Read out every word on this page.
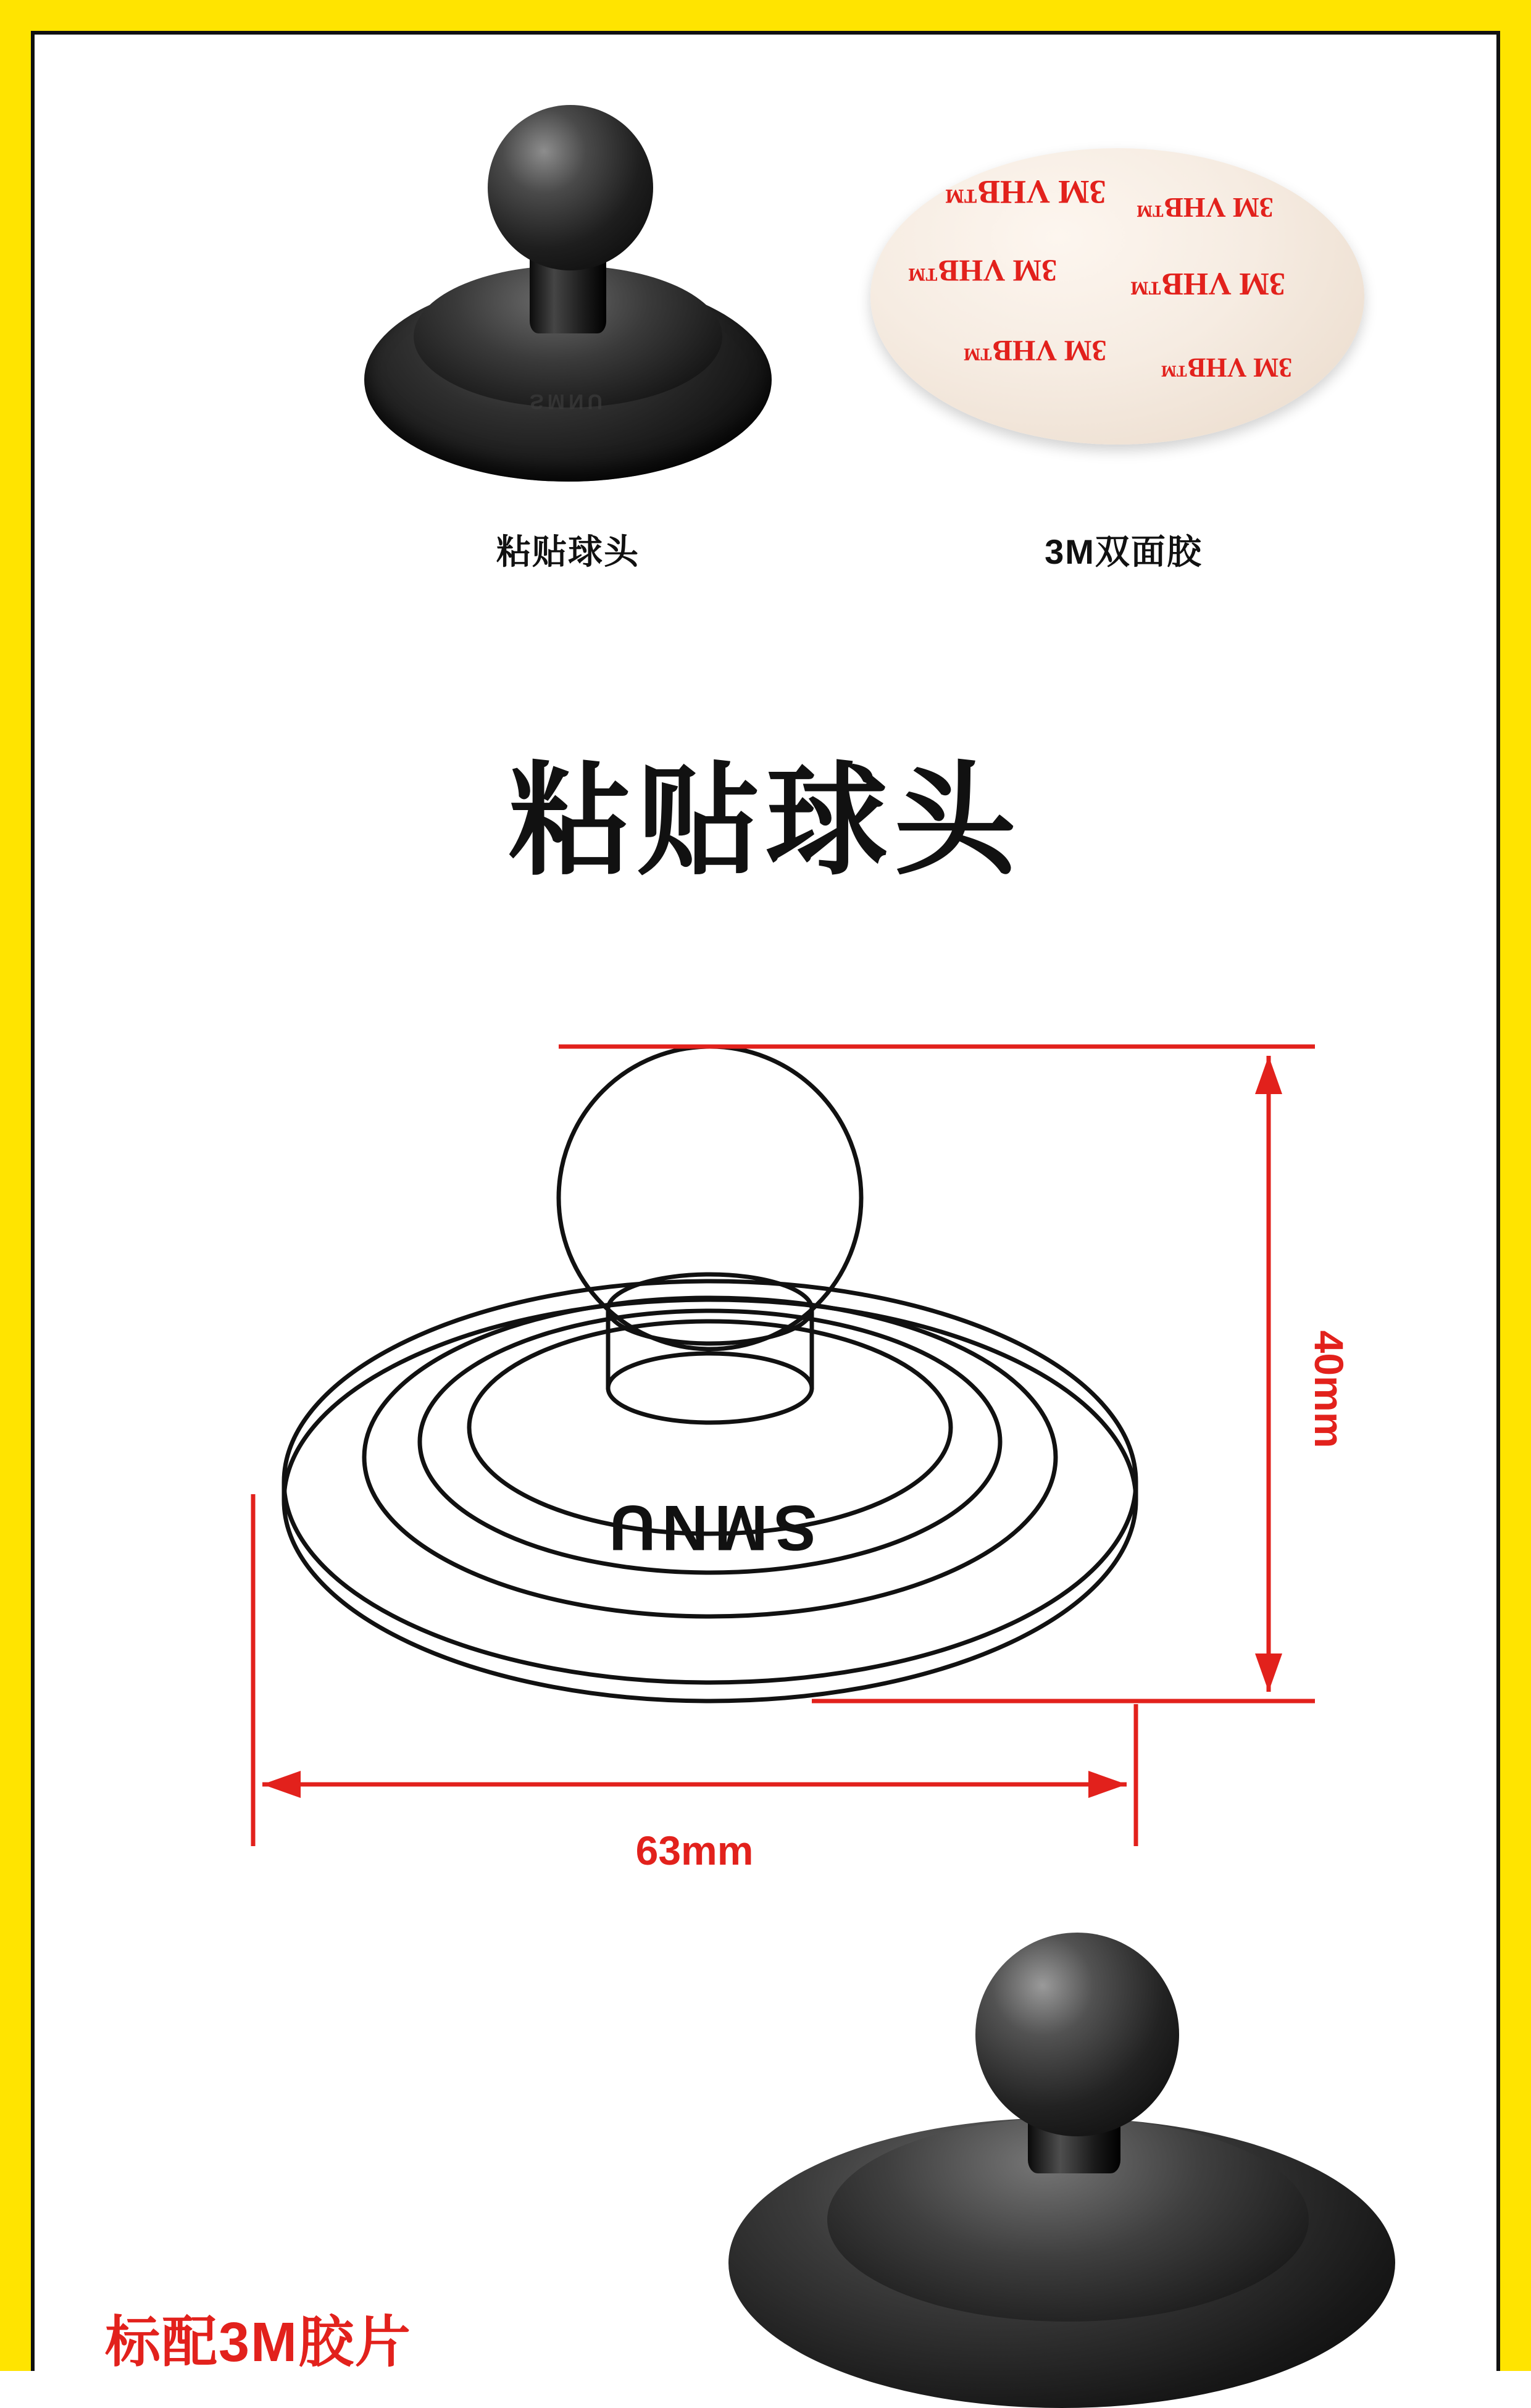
SMNU
粘贴球头
3M VHB™ 3M VHB™
3M VHB™ 3M VHB™
3M VHB™
3M VHB™
3M双面胶
粘贴球头
SMNU
40mm
63mm
标配3M胶片
